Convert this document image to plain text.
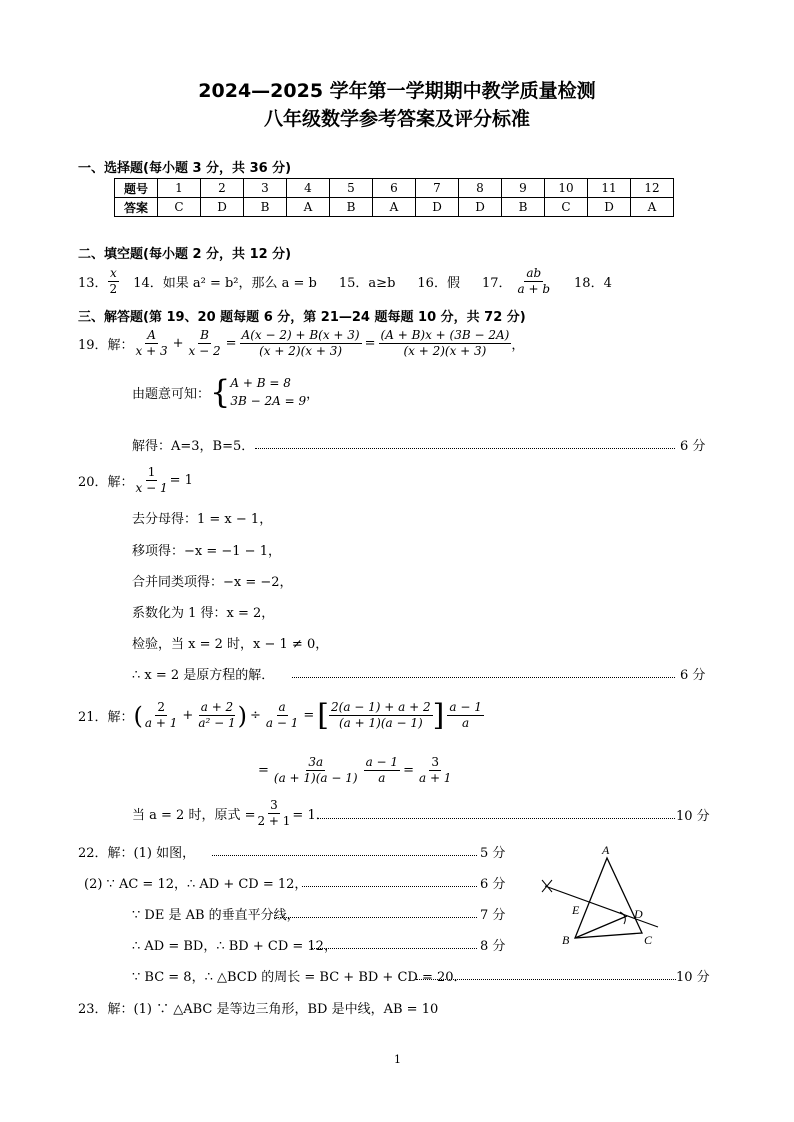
2024—2025 学年第一学期期中教学质量检测
八年级数学参考答案及评分标准
一、选择题(每小题 3 分，共 36 分)
题号	1	2	3	4	5	6	7	8	9	10	11	12
答案	C	D	B	A	B	A	D	D	B	C	D	A
二、填空题(每小题 2 分，共 12 分)
13． $\frac{x}{2} 14$．如果 a² = b²，那么 a = b 15．a≥b 16．假 17． $\frac{ab}{a + b} 18$．4
三、解答题(第 19、20 题每题 6 分，第 21—24 题每题 10 分，共 72 分)
19．解： $\frac{A}{x + 3} + \frac{B}{x - 2} = \frac{A(x - 2) + B(x + 3)}{(x + 2)(x + 3)} = \frac{(A + B)x + (3B - 2A)}{(x + 2)(x + 3)}$ ，
由题意可知： { A + B = 8
3B − 2A = 9 ，
解得：A=3，B=5．	6 分
20．解： $\frac{1}{x - 1} = 1$
去分母得：1 = x − 1，
移项得：−x = −1 − 1，
合并同类项得：−x = −2，
系数化为 1 得：x = 2，
检验，当 x = 2 时，x − 1 ≠ 0，
∴ x = 2 是原方程的解．	6 分
21．解： ( $\frac{2}{a + 1} + \frac{a + 2}{\text{a² − 1}}$ ) ÷ $\frac{a}{a - 1}$ = [ $\frac{2(a - 1) + a + 2}{(a + 1)(a - 1)}$ ] $\frac{a - 1}{a}$
= $\frac{3a}{(a + 1)(a - 1)} \frac{a - 1}{a} = \frac{3}{a + 1}$
当 a = 2 时，原式 = $\frac{3}{2 + 1} = 1$．	10 分
22．解：(1) 如图，	5 分
(2) ∵ AC = 12，∴ AD + CD = 12，	6 分
∵ DE 是 AB 的垂直平分线，	7 分
∴ AD = BD，∴ BD + CD = 12，	8 分
∵ BC = 8，∴ △BCD 的周长 = BC + BD + CD = 20．	10 分
A
B	C
D
E
23．解：(1) ∵ △ABC 是等边三角形，BD 是中线，AB = 10
1
